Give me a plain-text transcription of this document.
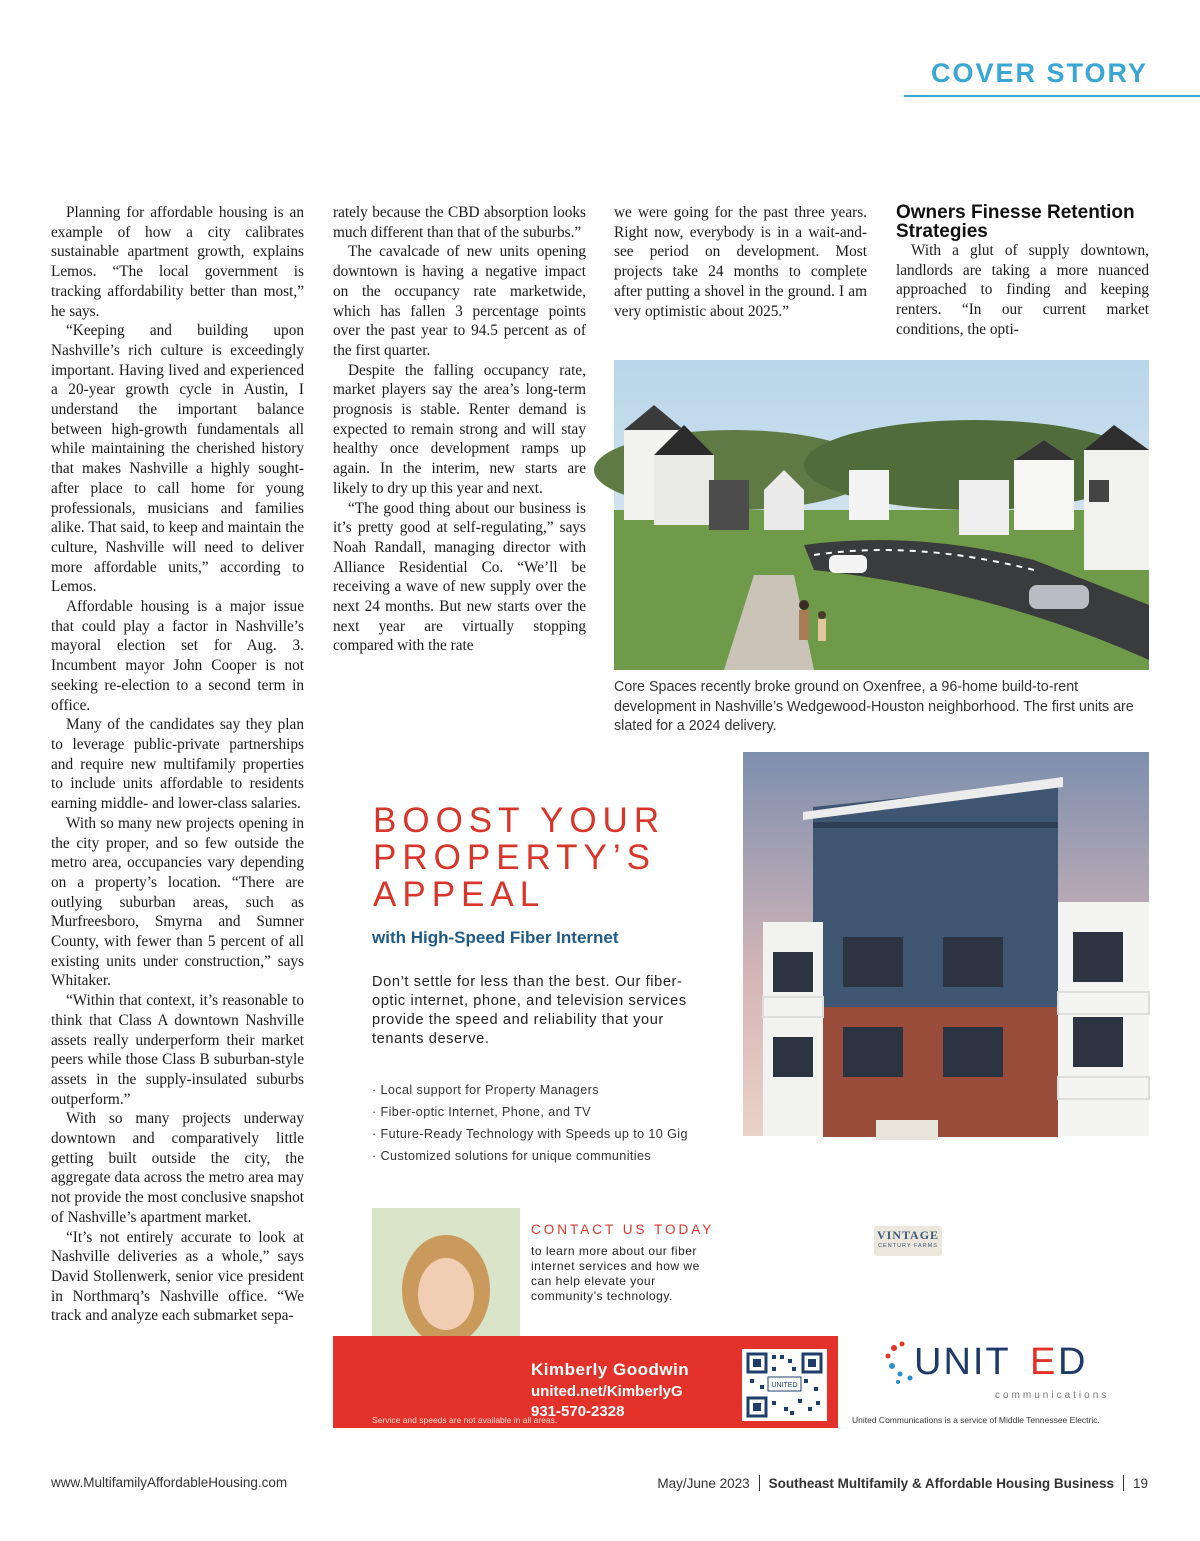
COVER STORY

Planning for affordable housing is an example of how a city calibrates sustainable apartment growth, explains Lemos. “The local government is tracking affordability better than most,” he says.

“Keeping and building upon Nashville’s rich culture is exceedingly important. Having lived and experienced a 20-year growth cycle in Austin, I understand the important balance between high-growth fundamentals all while maintaining the cherished history that makes Nashville a highly sought-after place to call home for young professionals, musicians and families alike. That said, to keep and maintain the culture, Nashville will need to deliver more affordable units,” according to Lemos.

Affordable housing is a major issue that could play a factor in Nashville’s mayoral election set for Aug. 3. Incumbent mayor John Cooper is not seeking re-election to a second term in office.

Many of the candidates say they plan to leverage public-private partnerships and require new multifamily properties to include units affordable to residents earning middle- and lower-class salaries.

With so many new projects opening in the city proper, and so few outside the metro area, occupancies vary depending on a property’s location. “There are outlying suburban areas, such as Murfreesboro, Smyrna and Sumner County, with fewer than 5 percent of all existing units under construction,” says Whitaker.

“Within that context, it’s reasonable to think that Class A downtown Nashville assets really underperform their market peers while those Class B suburban-style assets in the supply-insulated suburbs outperform.”

With so many projects underway downtown and comparatively little getting built outside the city, the aggregate data across the metro area may not provide the most conclusive snapshot of Nashville’s apartment market.

“It’s not entirely accurate to look at Nashville deliveries as a whole,” says David Stollenwerk, senior vice president in Northmarq’s Nashville office. “We track and analyze each submarket sepa-

rately because the CBD absorption looks much different than that of the suburbs.”

The cavalcade of new units opening downtown is having a negative impact on the occupancy rate marketwide, which has fallen 3 percentage points over the past year to 94.5 percent as of the first quarter.

Despite the falling occupancy rate, market players say the area’s long-term prognosis is stable. Renter demand is expected to remain strong and will stay healthy once development ramps up again. In the interim, new starts are likely to dry up this year and next.

“The good thing about our business is it’s pretty good at self-regulating,” says Noah Randall, managing director with Alliance Residential Co. “We’ll be receiving a wave of new supply over the next 24 months. But new starts over the next year are virtually stopping compared with the rate

we were going for the past three years. Right now, everybody is in a wait-and-see period on development. Most projects take 24 months to complete after putting a shovel in the ground. I am very optimistic about 2025.”

Owners Finesse Retention Strategies

With a glut of supply downtown, landlords are taking a more nuanced approached to finding and keeping renters. “In our current market conditions, the opti-

Core Spaces recently broke ground on Oxenfree, a 96-home build-to-rent development in Nashville’s Wedgewood-Houston neighborhood. The first units are slated for a 2024 delivery.
BOOST YOUR PROPERTY’S APPEAL
with High-Speed Fiber Internet
Don’t settle for less than the best. Our fiber-optic internet, phone, and television services provide the speed and reliability that your tenants deserve.
· Local support for Property Managers
· Fiber-optic Internet, Phone, and TV
· Future-Ready Technology with Speeds up to 10 Gig
· Customized solutions for unique communities
VINTAGE
CENTURY FARMS
CONTACT US TODAY
to learn more about our fiber internet services and how we can help elevate your community’s technology.
Kimberly Goodwin
united.net/KimberlyG
931-570-2328
Service and speeds are not available in all areas.
UNITED
UNIT E D
communications
United Communications is a service of Middle Tennessee Electric.
www.MultifamilyAffordableHousing.com	May/June 2023 Southeast Multifamily & Affordable Housing Business 19
